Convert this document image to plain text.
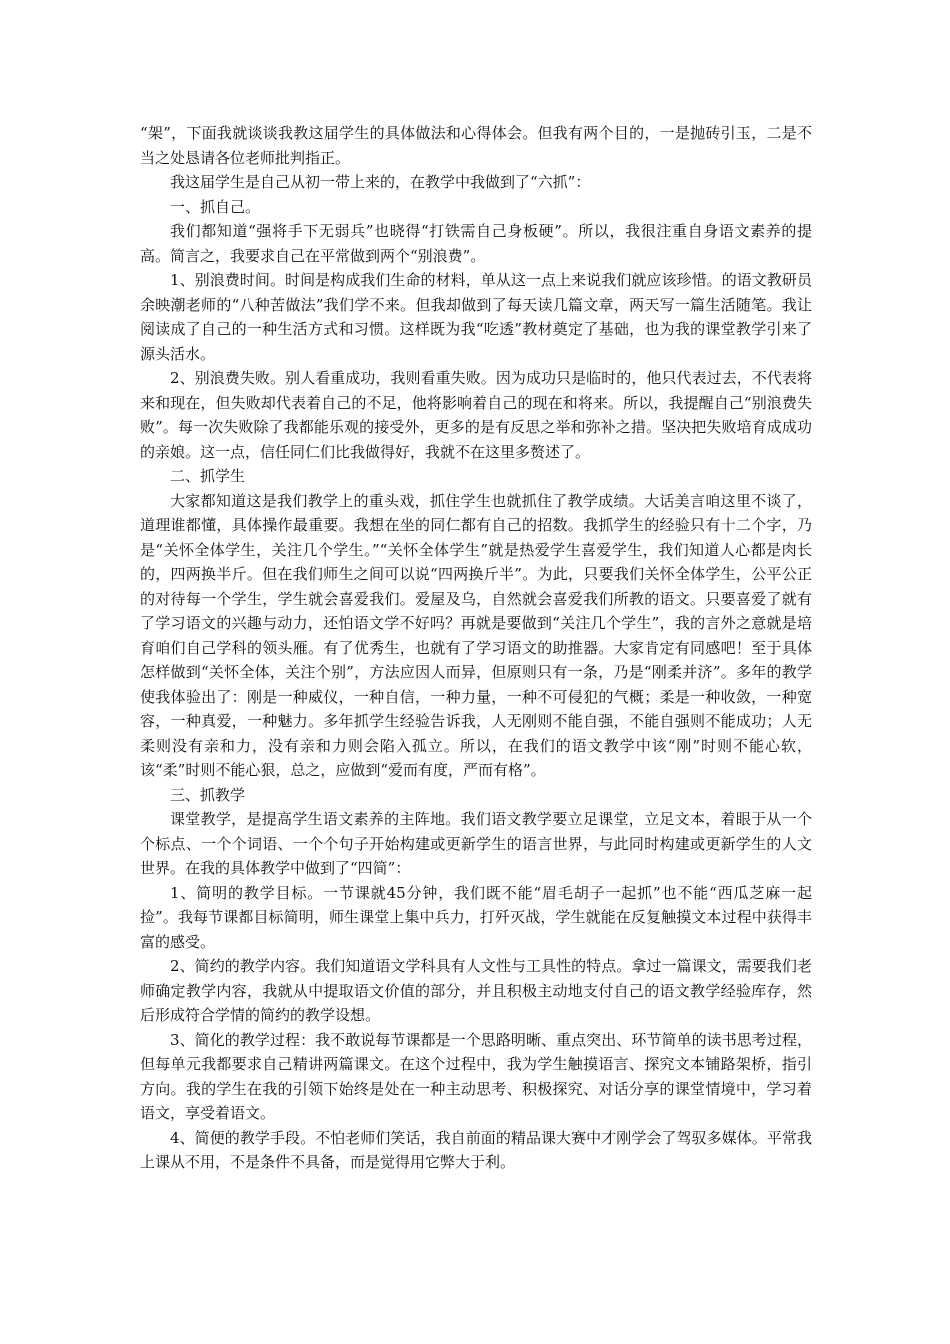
“架”，下面我就谈谈我教这届学生的具体做法和心得体会。但我有两个目的，一是抛砖引玉，二是不当之处恳请各位老师批判指正。

我这届学生是自己从初一带上来的，在教学中我做到了“六抓”：

一、抓自己。

我们都知道“强将手下无弱兵”也晓得“打铁需自己身板硬”。所以，我很注重自身语文素养的提高。简言之，我要求自己在平常做到两个“别浪费”。

1、别浪费时间。时间是构成我们生命的材料，单从这一点上来说我们就应该珍惜。的语文教研员余映潮老师的“八种苦做法”我们学不来。但我却做到了每天读几篇文章，两天写一篇生活随笔。我让阅读成了自己的一种生活方式和习惯。这样既为我“吃透”教材奠定了基础，也为我的课堂教学引来了源头活水。

2、别浪费失败。别人看重成功，我则看重失败。因为成功只是临时的，他只代表过去，不代表将来和现在，但失败却代表着自己的不足，他将影响着自己的现在和将来。所以，我提醒自己“别浪费失败”。每一次失败除了我都能乐观的接受外，更多的是有反思之举和弥补之措。坚决把失败培育成成功的亲娘。这一点，信任同仁们比我做得好，我就不在这里多赘述了。

二、抓学生

大家都知道这是我们教学上的重头戏，抓住学生也就抓住了教学成绩。大话美言咱这里不谈了，道理谁都懂，具体操作最重要。我想在坐的同仁都有自己的招数。我抓学生的经验只有十二个字，乃是“关怀全体学生，关注几个学生。”“关怀全体学生”就是热爱学生喜爱学生，我们知道人心都是肉长的，四两换半斤。但在我们师生之间可以说“四两换斤半”。为此，只要我们关怀全体学生，公平公正的对待每一个学生，学生就会喜爱我们。爱屋及乌，自然就会喜爱我们所教的语文。只要喜爱了就有了学习语文的兴趣与动力，还怕语文学不好吗？再就是要做到“关注几个学生”，我的言外之意就是培育咱们自己学科的领头雁。有了优秀生，也就有了学习语文的助推器。大家肯定有同感吧！至于具体怎样做到“关怀全体，关注个别”，方法应因人而异，但原则只有一条，乃是“刚柔并济”。多年的教学使我体验出了：刚是一种威仪，一种自信，一种力量，一种不可侵犯的气概；柔是一种收敛，一种宽容，一种真爱，一种魅力。多年抓学生经验告诉我，人无刚则不能自强，不能自强则不能成功；人无柔则没有亲和力，没有亲和力则会陷入孤立。所以，在我们的语文教学中该“刚”时则不能心软，该“柔”时则不能心狠，总之，应做到“爱而有度，严而有格”。

三、抓教学

课堂教学，是提高学生语文素养的主阵地。我们语文教学要立足课堂，立足文本，着眼于从一个个标点、一个个词语、一个个句子开始构建或更新学生的语言世界，与此同时构建或更新学生的人文世界。在我的具体教学中做到了“四简”：

1、简明的教学目标。一节课就45分钟，我们既不能“眉毛胡子一起抓”也不能“西瓜芝麻一起捡”。我每节课都目标简明，师生课堂上集中兵力，打歼灭战，学生就能在反复触摸文本过程中获得丰富的感受。

2、简约的教学内容。我们知道语文学科具有人文性与工具性的特点。拿过一篇课文，需要我们老师确定教学内容，我就从中提取语文价值的部分，并且积极主动地支付自己的语文教学经验库存，然后形成符合学情的简约的教学设想。

3、简化的教学过程：我不敢说每节课都是一个思路明晰、重点突出、环节简单的读书思考过程，但每单元我都要求自己精讲两篇课文。在这个过程中，我为学生触摸语言、探究文本铺路架桥，指引方向。我的学生在我的引领下始终是处在一种主动思考、积极探究、对话分享的课堂情境中，学习着语文，享受着语文。

4、简便的教学手段。不怕老师们笑话，我自前面的精品课大赛中才刚学会了驾驭多媒体。平常我上课从不用，不是条件不具备，而是觉得用它弊大于利。
